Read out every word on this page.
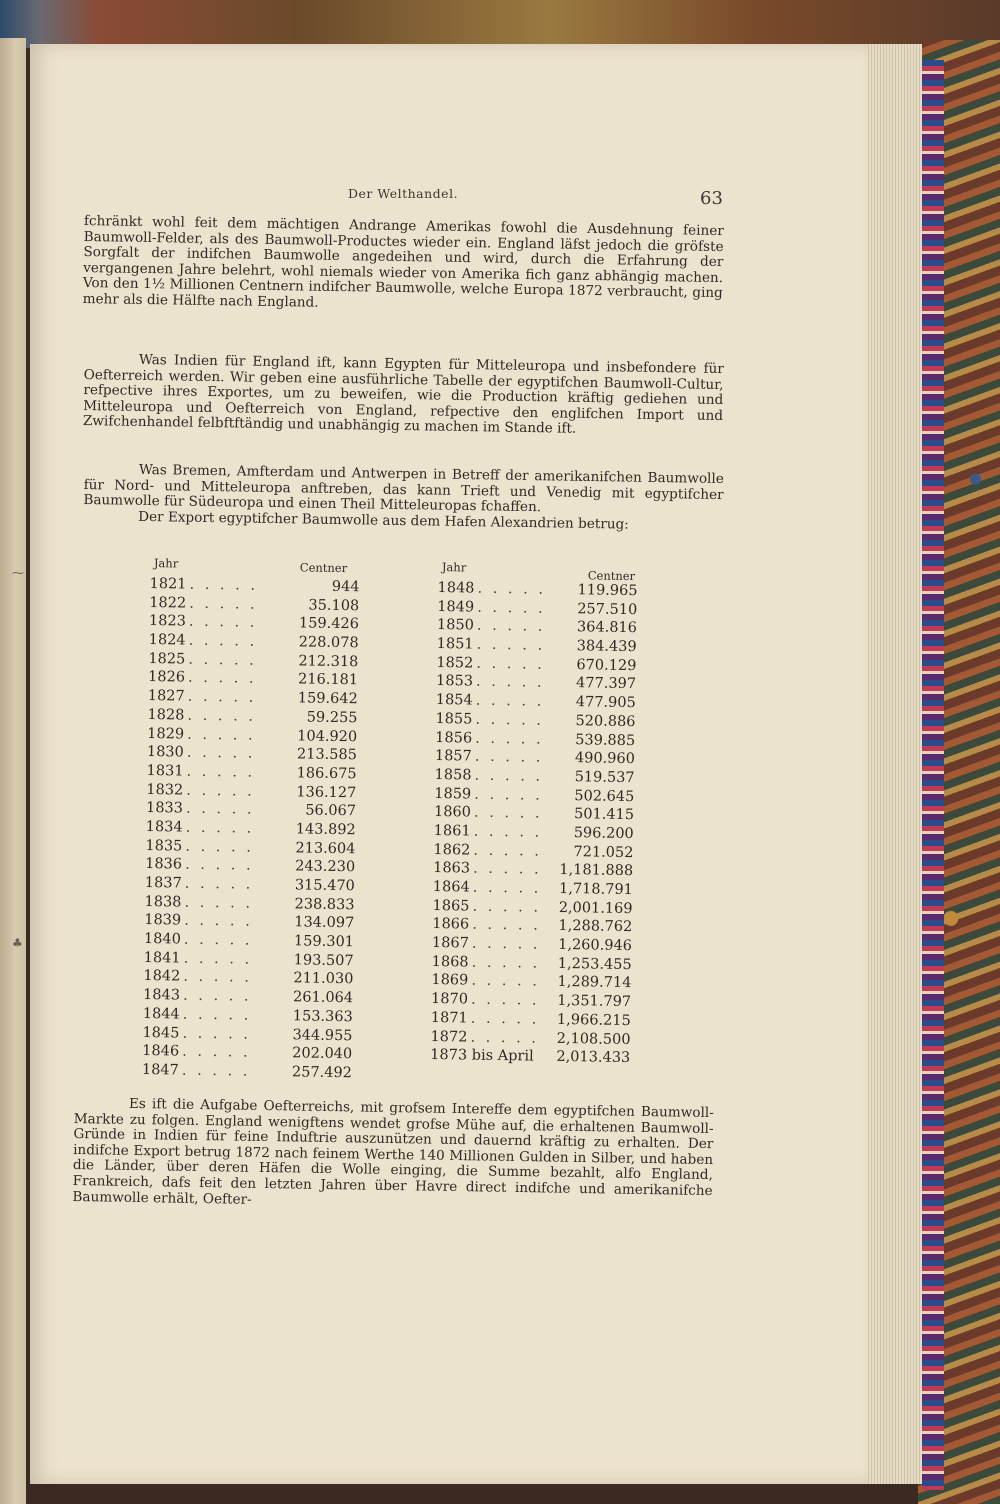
Der Welthandel.	63

fchränkt wohl feit dem mächtigen Andrange Amerikas fowohl die Ausdehnung feiner Baumwoll-Felder, als des Baumwoll-Productes wieder ein. England läfst jedoch die gröfste Sorgfalt der indifchen Baumwolle angedeihen und wird, durch die Erfahrung der vergangenen Jahre belehrt, wohl niemals wieder von Amerika fich ganz abhängig machen. Von den 1½ Millionen Centnern indifcher Baumwolle, welche Europa 1872 verbraucht, ging mehr als die Hälfte nach England.

Was Indien für England ift, kann Egypten für Mitteleuropa und insbefondere für Oefterreich werden. Wir geben eine ausführliche Tabelle der egyptifchen Baumwoll-Cultur, refpective ihres Exportes, um zu beweifen, wie die Production kräftig gediehen und Mitteleuropa und Oefterreich von England, refpective den englifchen Import und Zwifchenhandel felbftftändig und unabhängig zu machen im Stande ift.

Was Bremen, Amfterdam und Antwerpen in Betreff der amerikanifchen Baumwolle für Nord- und Mitteleuropa anftreben, das kann Trieft und Venedig mit egyptifcher Baumwolle für Südeuropa und einen Theil Mitteleuropas fchaffen.

Der Export egyptifcher Baumwolle aus dem Hafen Alexandrien betrug:

Jahr	Centner
1821 . . . . .	944
1822 . . . . .	35.108
1823 . . . . .	159.426
1824 . . . . .	228.078
1825 . . . . .	212.318
1826 . . . . .	216.181
1827 . . . . .	159.642
1828 . . . . .	59.255
1829 . . . . .	104.920
1830 . . . . .	213.585
1831 . . . . .	186.675
1832 . . . . .	136.127
1833 . . . . .	56.067
1834 . . . . .	143.892
1835 . . . . .	213.604
1836 . . . . .	243.230
1837 . . . . .	315.470
1838 . . . . .	238.833
1839 . . . . .	134.097
1840 . . . . .	159.301
1841 . . . . .	193.507
1842 . . . . .	211.030
1843 . . . . .	261.064
1844 . . . . .	153.363
1845 . . . . .	344.955
1846 . . . . .	202.040
1847 . . . . .	257.492
Jahr
Centner
1848 . . . . . 119.965
1849 . . . . . 257.510
1850 . . . . . 364.816
1851 . . . . . 384.439
1852 . . . . . 670.129
1853 . . . . . 477.397
1854 . . . . . 477.905
1855 . . . . . 520.886
1856 . . . . . 539.885
1857 . . . . . 490.960
1858 . . . . . 519.537
1859 . . . . . 502.645
1860 . . . . . 501.415
1861 . . . . . 596.200
1862 . . . . . 721.052
1863 . . . . . 1,181.888
1864 . . . . . 1,718.791
1865 . . . . . 2,001.169
1866 . . . . . 1,288.762
1867 . . . . . 1,260.946
1868 . . . . . 1,253.455
1869 . . . . . 1,289.714
1870 . . . . . 1,351.797
1871 . . . . . 1,966.215
1872 . . . . . 2,108.500
1873 bis April 2,013.433

Es ift die Aufgabe Oefterreichs, mit grofsem Intereffe dem egyptifchen Baumwoll-Markte zu folgen. England wenigftens wendet grofse Mühe auf, die erhaltenen Baumwoll-Gründe in Indien für feine Induftrie auszunützen und dauernd kräftig zu erhalten. Der indifche Export betrug 1872 nach feinem Werthe 140 Millionen Gulden in Silber, und haben die Länder, über deren Häfen die Wolle einging, die Summe bezahlt, alfo England, Frankreich, dafs feit den letzten Jahren über Havre direct indifche und amerikanifche Baumwolle erhält, Oefter-

⁓
♣
